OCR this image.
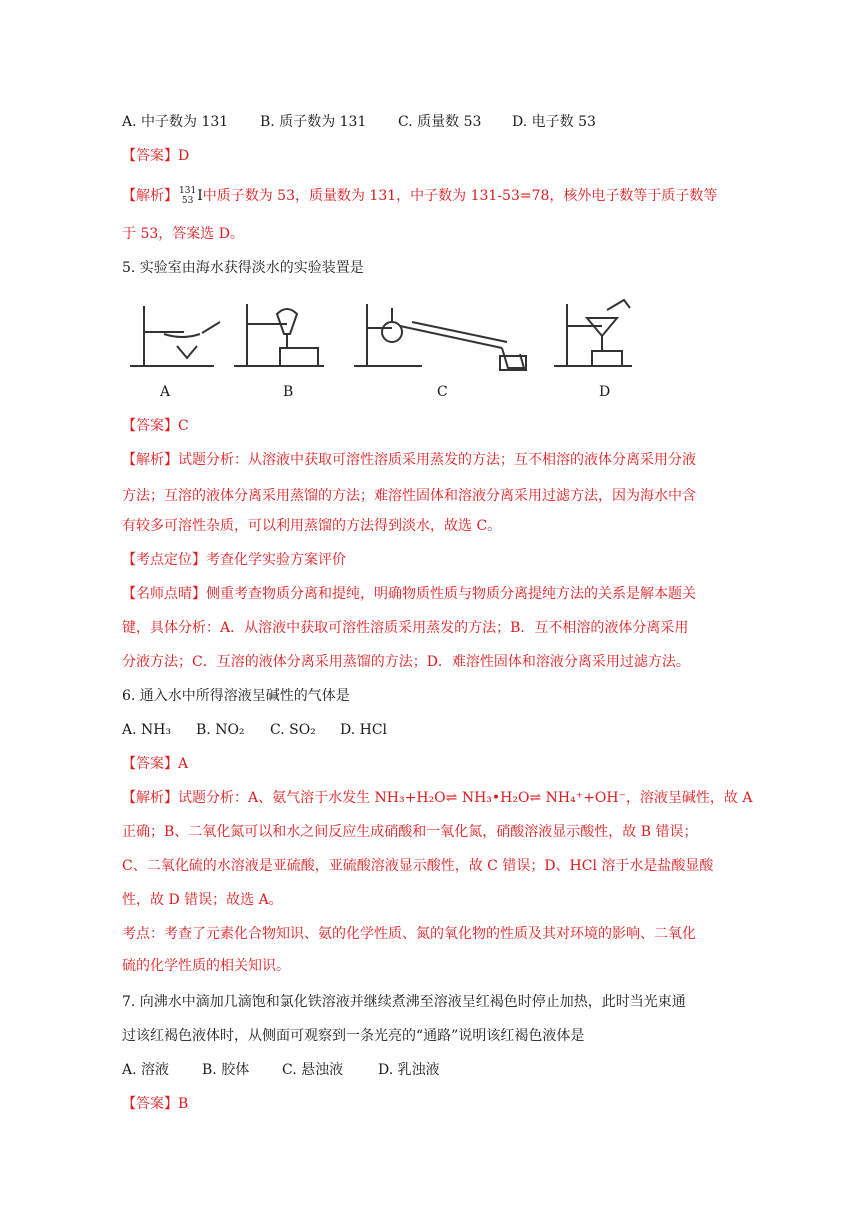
A. 中子数为 131 B. 质子数为 131 C. 质量数 53 D. 电子数 53
【答案】D
【解析】 131
53 I中质子数为 53，质量数为 131，中子数为 131-53=78，核外电子数等于质子数等
于 53，答案选 D。
5. 实验室由海水获得淡水的实验装置是
A	B	C	D
【答案】C
【解析】试题分析：从溶液中获取可溶性溶质采用蒸发的方法；互不相溶的液体分离采用分液
方法；互溶的液体分离采用蒸馏的方法；难溶性固体和溶液分离采用过滤方法，因为海水中含
有较多可溶性杂质，可以利用蒸馏的方法得到淡水，故选 C。
【考点定位】考查化学实验方案评价
【名师点晴】侧重考查物质分离和提纯，明确物质性质与物质分离提纯方法的关系是解本题关
键，具体分析：A．从溶液中获取可溶性溶质采用蒸发的方法；B．互不相溶的液体分离采用
分液方法；C．互溶的液体分离采用蒸馏的方法；D．难溶性固体和溶液分离采用过滤方法。
6. 通入水中所得溶液呈碱性的气体是
A. NH₃ B. NO₂ C. SO₂ D. HCl
【答案】A
【解析】试题分析：A、氨气溶于水发生 NH₃+H₂O⇌ NH₃•H₂O⇌ NH₄⁺+OH⁻，溶液呈碱性，故 A
正确；B、二氧化氮可以和水之间反应生成硝酸和一氧化氮，硝酸溶液显示酸性，故 B 错误；
C、二氧化硫的水溶液是亚硫酸，亚硫酸溶液显示酸性，故 C 错误；D、HCl 溶于水是盐酸显酸
性，故 D 错误；故选 A。
考点：考查了元素化合物知识、氨的化学性质、氮的氧化物的性质及其对环境的影响、二氧化
硫的化学性质的相关知识。
7. 向沸水中滴加几滴饱和氯化铁溶液并继续煮沸至溶液呈红褐色时停止加热，此时当光束通
过该红褐色液体时，从侧面可观察到一条光亮的“通路”说明该红褐色液体是
A. 溶液 B. 胶体 C. 悬浊液 D. 乳浊液
【答案】B
